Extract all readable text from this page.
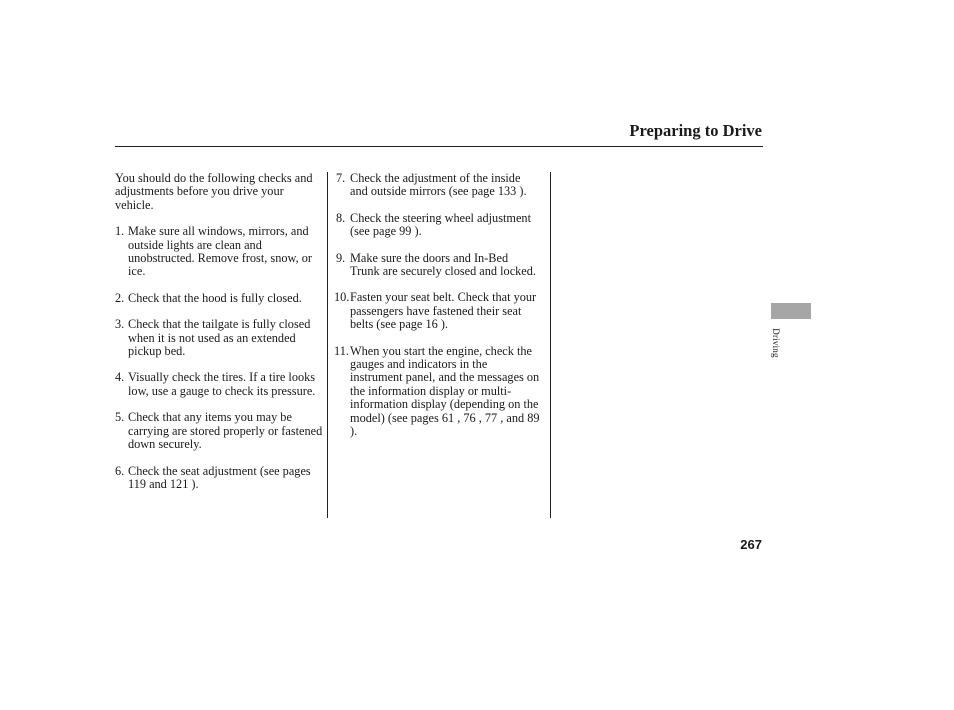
Preparing to Drive

You should do the following checks and adjustments before you drive your vehicle.

1. Make sure all windows, mirrors, and outside lights are clean and unobstructed. Remove frost, snow, or ice.
2. Check that the hood is fully closed.
3. Check that the tailgate is fully closed when it is not used as an extended pickup bed.
4. Visually check the tires. If a tire looks low, use a gauge to check its pressure.
5. Check that any items you may be carrying are stored properly or fastened down securely.
6. Check the seat adjustment (see pages 119 and 121 ).
7. Check the adjustment of the inside and outside mirrors (see page 133 ).
8. Check the steering wheel adjustment (see page 99 ).
9. Make sure the doors and In-Bed Trunk are securely closed and locked.
10. Fasten your seat belt. Check that your passengers have fastened their seat belts (see page 16 ).
11. When you start the engine, check the gauges and indicators in the instrument panel, and the messages on the information display or multi-information display (depending on the model) (see pages 61 , 76 , 77 , and 89 ).
Driving
267
